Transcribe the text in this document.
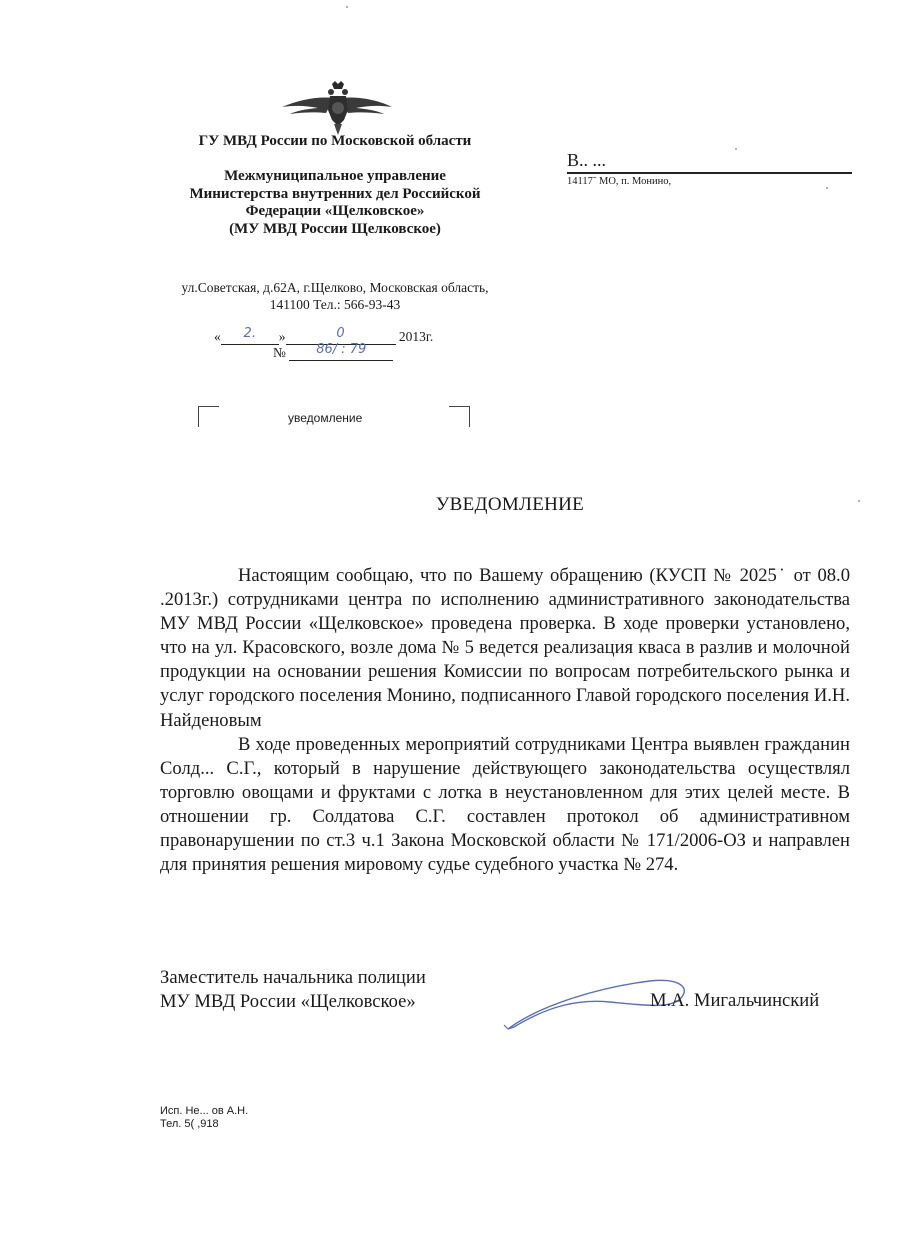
ГУ МВД России по Московской области
Межмуниципальное управление
Министерства внутренних дел Российской
Федерации «Щелковское»
(МУ МВД России Щелковское)
ул.Советская, д.62А, г.Щелково, Московская область,
141100 Тел.: 566-93-43
«	2.	»	0	2013г.
№	86/ : 79
В.. ...
14117˜ МО, п. Монино,
уведомление
УВЕДОМЛЕНИЕ

Настоящим сообщаю, что по Вашему обращению (КУСП № 2025˙ от 08.0 .2013г.) сотрудниками центра по исполнению административного законодательства МУ МВД России «Щелковское» проведена проверка. В ходе проверки установлено, что на ул. Красовского, возле дома № 5 ведется реализация кваса в разлив и молочной продукции на основании решения Комиссии по вопросам потребительского рынка и услуг городского поселения Монино, подписанного Главой городского поселения И.Н. Найденовым

В ходе проведенных мероприятий сотрудниками Центра выявлен гражданин Солд... С.Г., который в нарушение действующего законодательства осуществлял торговлю овощами и фруктами с лотка в неустановленном для этих целей месте. В отношении гр. Солдатова С.Г. составлен протокол об административном правонарушении по ст.3 ч.1 Закона Московской области № 171/2006-ОЗ и направлен для принятия решения мировому судье судебного участка № 274.

Заместитель начальника полиции
МУ МВД России «Щелковское»	М.А. Мигальчинский
Исп. Не... ов А.Н.
Тел. 5( ,918
